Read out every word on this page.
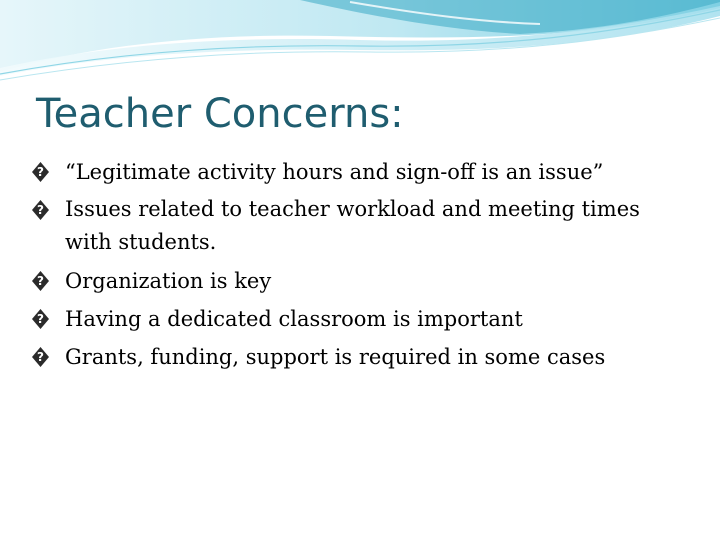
Teacher Concerns:
?
“Legitimate activity hours and sign-off is an issue”
?
Issues related to teacher workload and meeting times with students.
?
Organization is key
?
Having a dedicated classroom is important
?
Grants, funding, support is required in some cases
